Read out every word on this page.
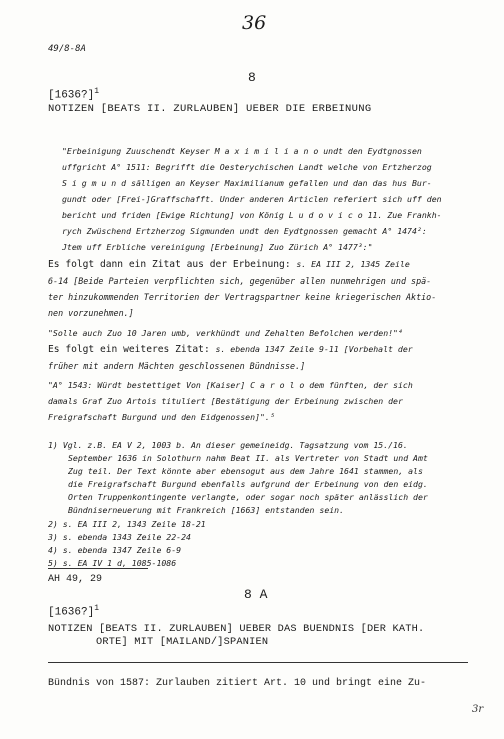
36
49/8-8A
8
[1636?]$^1$
NOTIZEN [BEATS II. ZURLAUBEN] UEBER DIE ERBEINUNG
"Erbeinigung Zuuschendt Keyser M a x i m i l i a n o undt den Eydtgnossen
uffgricht A° 1511: Begrifft die Oesterychischen Landt welche von Ertzherzog
S i g m u n d sälligen an Keyser Maximilianum gefallen und dan das hus Bur-
gundt oder [Frei-]Graffschafft. Under anderen Articlen referiert sich uff den
bericht und friden [Ewige Richtung] von König L u d o v i c o 11. Zue Frankh-
rych Zwüschend Ertzherzog Sigmunden undt den Eydtgnossen gemacht A° 1474²:
Jtem uff Erbliche vereinigung [Erbeinung] Zuo Zürich A° 1477³:"
Es folgt dann ein Zitat aus der Erbeinung: s. EA III 2, 1345 Zeile
6-14 [Beide Parteien verpflichten sich, gegenüber allen nunmehrigen und spä-
ter hinzukommenden Territorien der Vertragspartner keine kriegerischen Aktio-
nen vorzunehmen.]
"Solle auch Zuo 10 Jaren umb, verkhündt und Zehalten Befolchen werden!"⁴
Es folgt ein weiteres Zitat: s. ebenda 1347 Zeile 9-11 [Vorbehalt der
früher mit andern Mächten geschlossenen Bündnisse.]
"A° 1543: Würdt bestettiget Von [Kaiser] C a r o l o dem fünften, der sich
damals Graf Zuo Artois tituliert [Bestätigung der Erbeinung zwischen der
Freigrafschaft Burgund und den Eidgenossen]".⁵
1) Vgl. z.B. EA V 2, 1003 b. An dieser gemeineidg. Tagsatzung vom 15./16.
September 1636 in Solothurn nahm Beat II. als Vertreter von Stadt und Amt
Zug teil. Der Text könnte aber ebensogut aus dem Jahre 1641 stammen, als
die Freigrafschaft Burgund ebenfalls aufgrund der Erbeinung von den eidg.
Orten Truppenkontingente verlangte, oder sogar noch später anlässlich der
Bündniserneuerung mit Frankreich [1663] entstanden sein.
2) s. EA III 2, 1343 Zeile 18-21
3) s. ebenda 1343 Zeile 22-24
4) s. ebenda 1347 Zeile 6-9
5) s. EA IV 1 d, 1085-1086
AH 49, 29
8 A
[1636?]$^1$
NOTIZEN [BEATS II. ZURLAUBEN] UEBER DAS BUENDNIS [DER KATH.
ORTE] MIT [MAILAND/]SPANIEN
Bündnis von 1587: Zurlauben zitiert Art. 10 und bringt eine Zu-
3r
